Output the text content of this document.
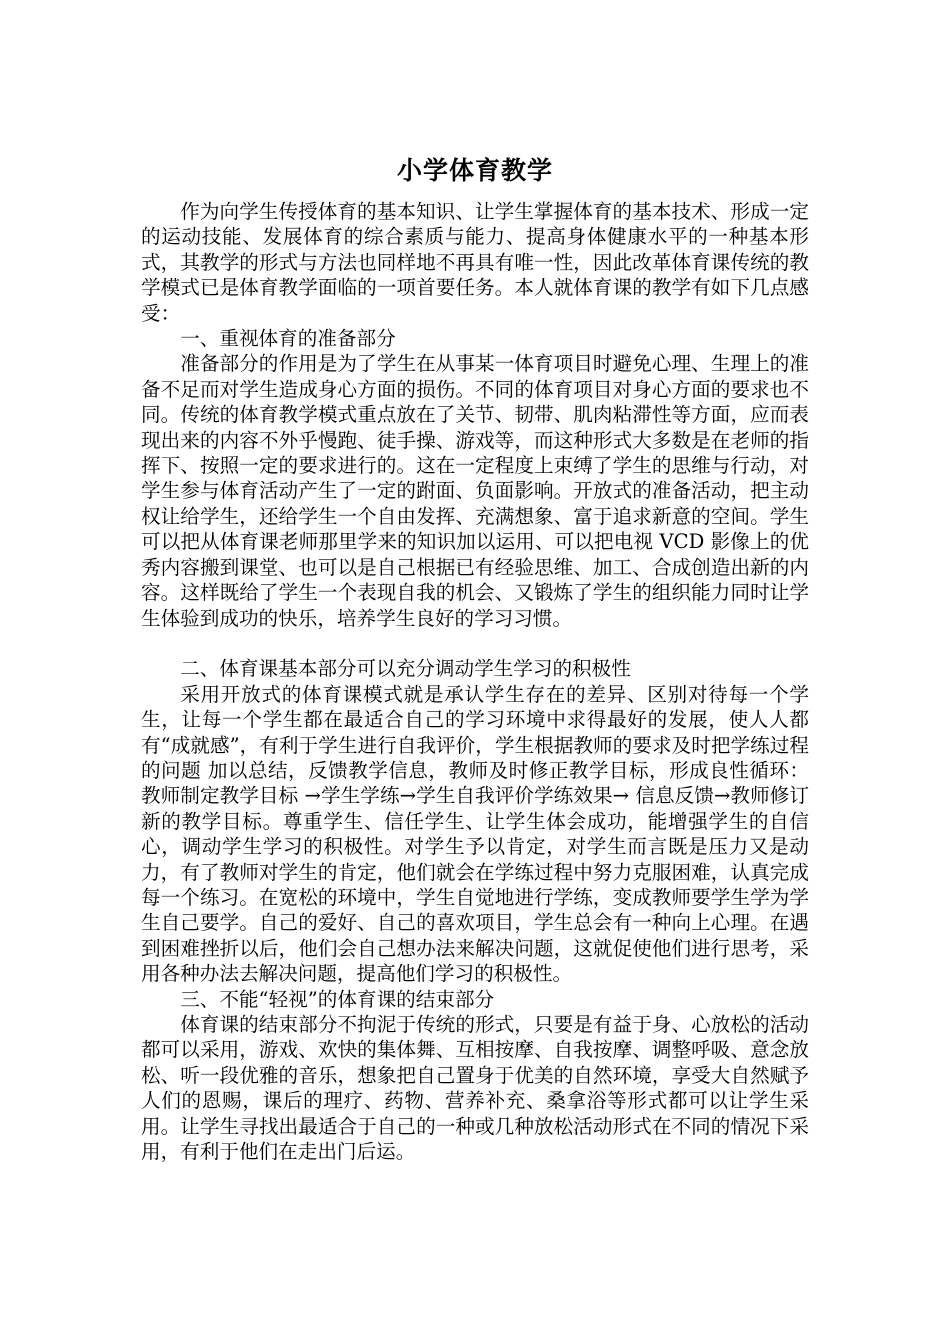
小学体育教学

作为向学生传授体育的基本知识、让学生掌握体育的基本技术、形成一定的运动技能、发展体育的综合素质与能力、提高身体健康水平的一种基本形式，其教学的形式与方法也同样地不再具有唯一性，因此改革体育课传统的教学模式已是体育教学面临的一项首要任务。本人就体育课的教学有如下几点感受：

一、重视体育的准备部分

准备部分的作用是为了学生在从事某一体育项目时避免心理、生理上的准备不足而对学生造成身心方面的损伤。不同的体育项目对身心方面的要求也不同。传统的体育教学模式重点放在了关节、韧带、肌肉粘滞性等方面，应而表现出来的内容不外乎慢跑、徒手操、游戏等，而这种形式大多数是在老师的指挥下、按照一定的要求进行的。这在一定程度上束缚了学生的思维与行动，对学生参与体育活动产生了一定的跗面、负面影响。开放式的准备活动，把主动权让给学生，还给学生一个自由发挥、充满想象、富于追求新意的空间。学生可以把从体育课老师那里学来的知识加以运用、可以把电视 VCD 影像上的优秀内容搬到课堂、也可以是自己根据已有经验思维、加工、合成创造出新的内容。这样既给了学生一个表现自我的机会、又锻炼了学生的组织能力同时让学生体验到成功的快乐，培养学生良好的学习习惯。

二、体育课基本部分可以充分调动学生学习的积极性

采用开放式的体育课模式就是承认学生存在的差异、区别对待每一个学生，让每一个学生都在最适合自己的学习环境中求得最好的发展，使人人都有“成就感”，有利于学生进行自我评价，学生根据教师的要求及时把学练过程的问题 加以总结，反馈教学信息，教师及时修正教学目标，形成良性循环：教师制定教学目标 →学生学练→学生自我评价学练效果→ 信息反馈→教师修订新的教学目标。尊重学生、信任学生、让学生体会成功，能增强学生的自信心，调动学生学习的积极性。对学生予以肯定，对学生而言既是压力又是动力，有了教师对学生的肯定，他们就会在学练过程中努力克服困难，认真完成每一个练习。在宽松的环境中，学生自觉地进行学练，变成教师要学生学为学生自己要学。自己的爱好、自己的喜欢项目，学生总会有一种向上心理。在遇到困难挫折以后，他们会自己想办法来解决问题，这就促使他们进行思考，采用各种办法去解决问题，提高他们学习的积极性。

三、不能“轻视”的体育课的结束部分

体育课的结束部分不拘泥于传统的形式，只要是有益于身、心放松的活动都可以采用，游戏、欢快的集体舞、互相按摩、自我按摩、调整呼吸、意念放松、听一段优雅的音乐，想象把自己置身于优美的自然环境，享受大自然赋予人们的恩赐，课后的理疗、药物、营养补充、桑拿浴等形式都可以让学生采用。让学生寻找出最适合于自己的一种或几种放松活动形式在不同的情况下采用，有利于他们在走出门后运。
